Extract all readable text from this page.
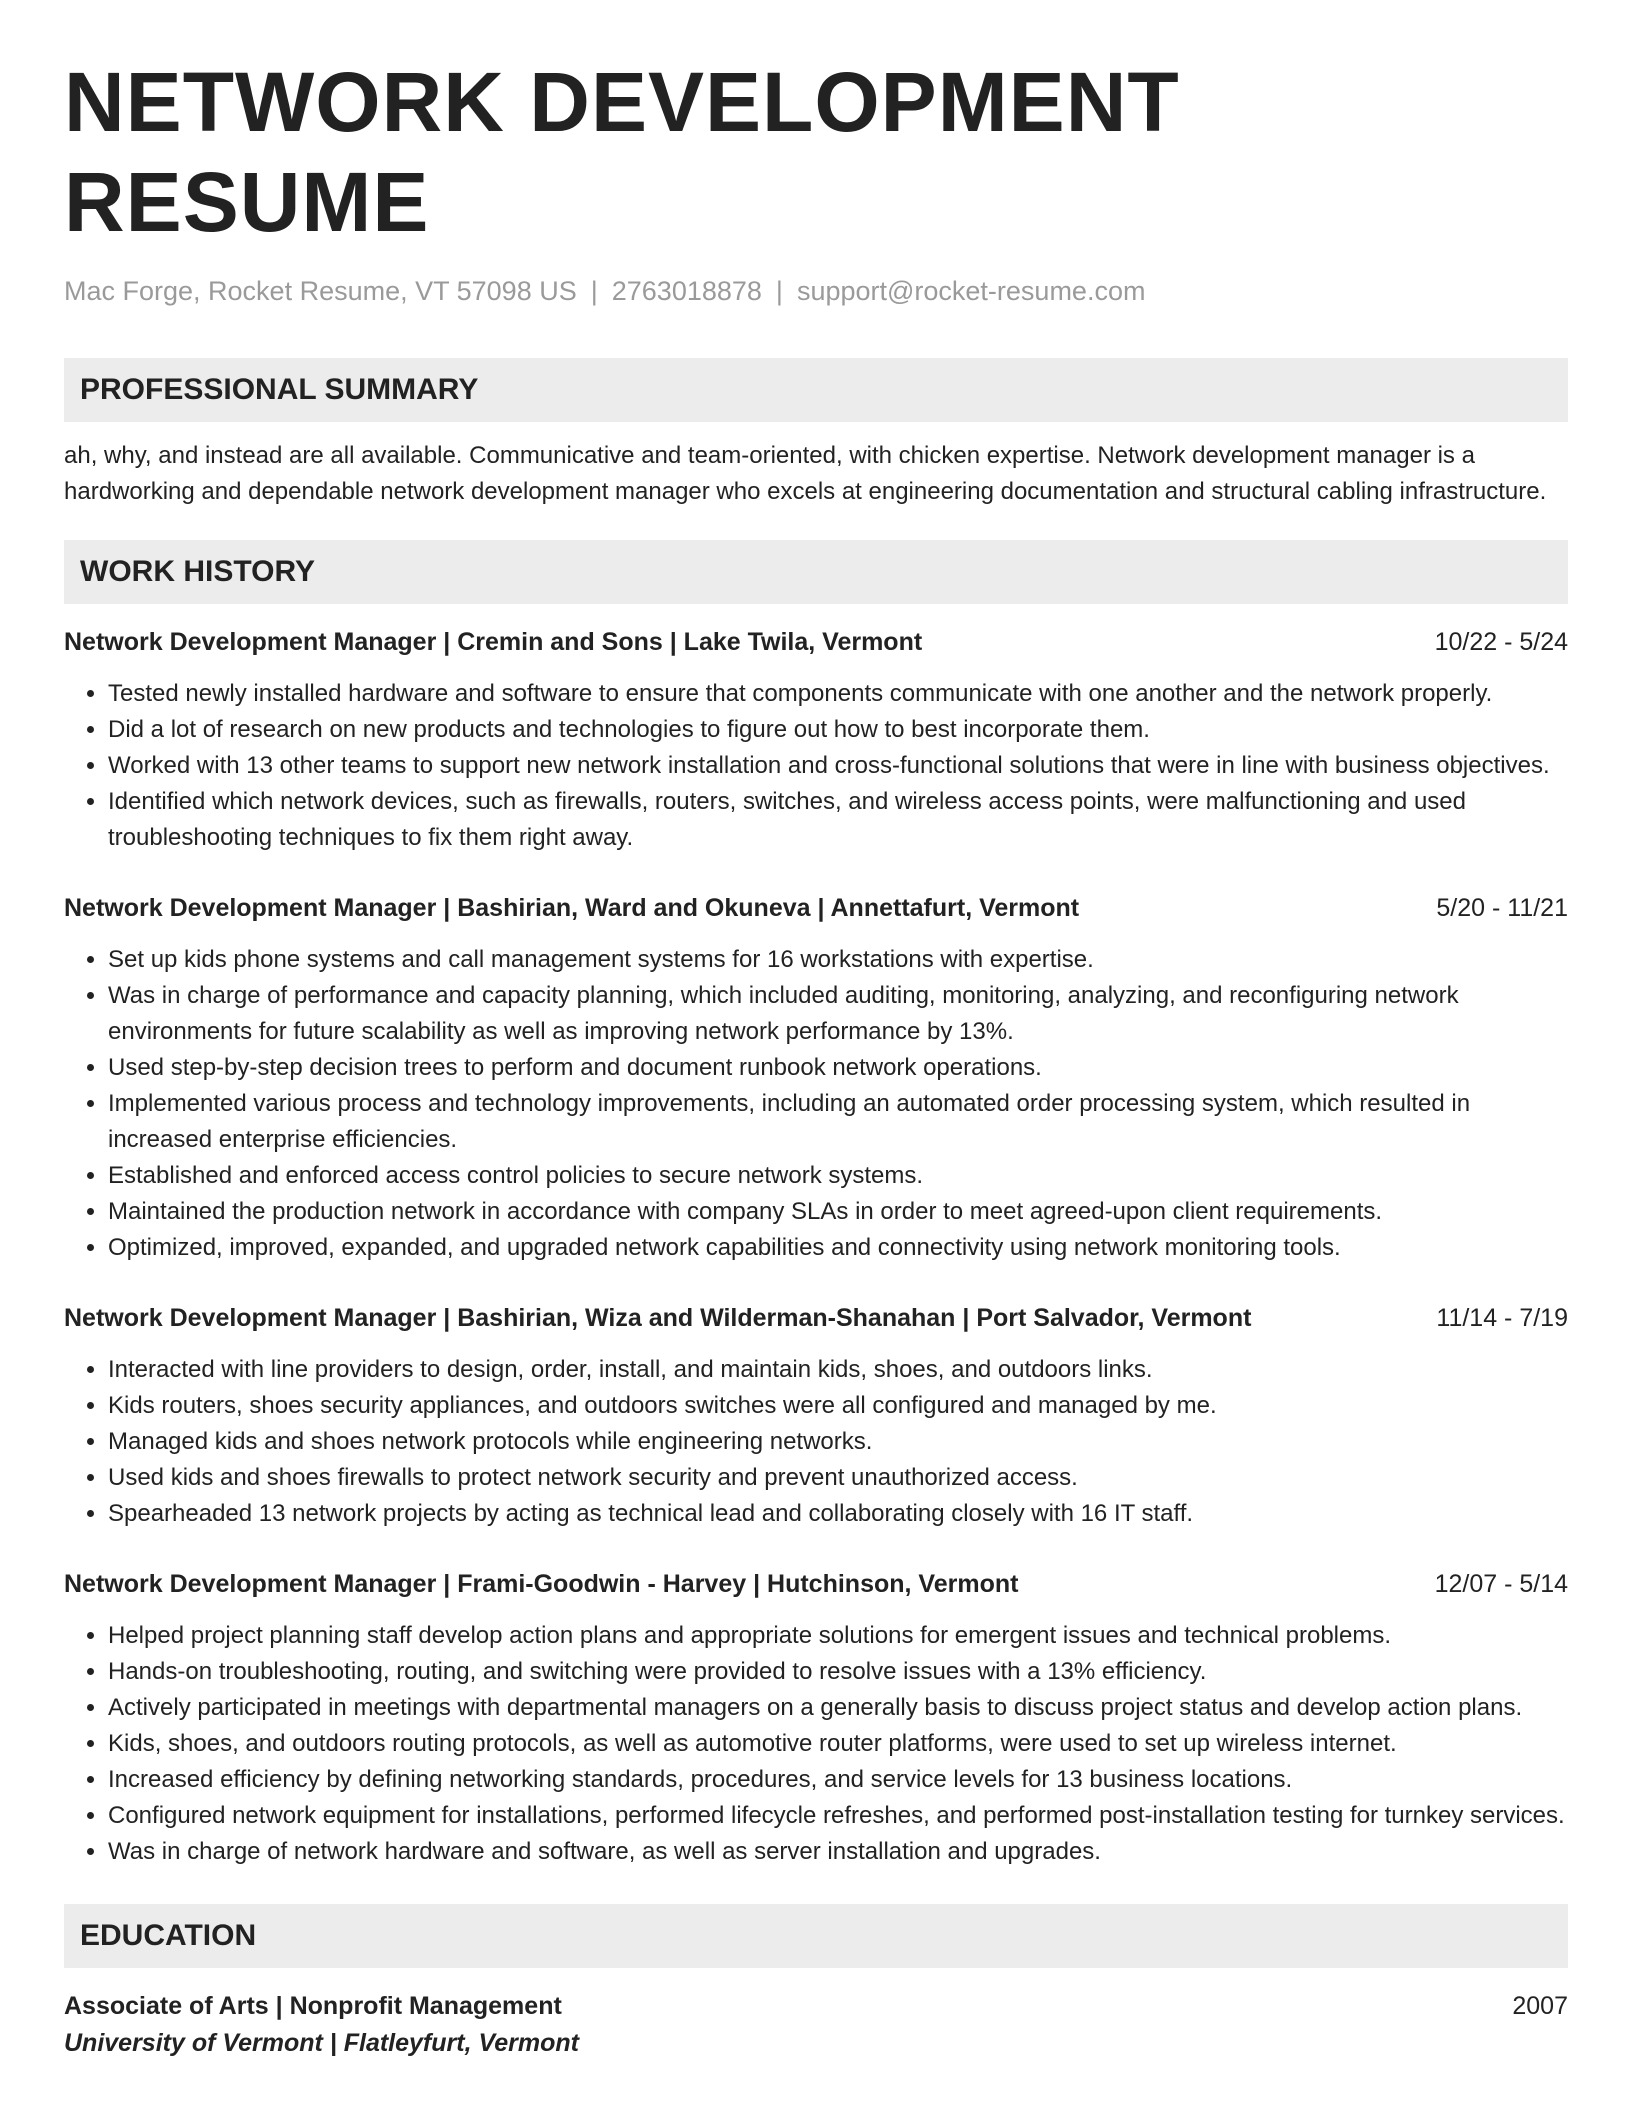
NETWORK DEVELOPMENT RESUME
Mac Forge, Rocket Resume, VT 57098 US | 2763018878 | support@rocket-resume.com
PROFESSIONAL SUMMARY
ah, why, and instead are all available. Communicative and team-oriented, with chicken expertise. Network development manager is a hardworking and dependable network development manager who excels at engineering documentation and structural cabling infrastructure.
WORK HISTORY
Network Development Manager | Cremin and Sons | Lake Twila, Vermont	10/22 - 5/24
• Tested newly installed hardware and software to ensure that components communicate with one another and the network properly.
• Did a lot of research on new products and technologies to figure out how to best incorporate them.
• Worked with 13 other teams to support new network installation and cross-functional solutions that were in line with business objectives.
• Identified which network devices, such as firewalls, routers, switches, and wireless access points, were malfunctioning and used troubleshooting techniques to fix them right away.
Network Development Manager | Bashirian, Ward and Okuneva | Annettafurt, Vermont	5/20 - 11/21
• Set up kids phone systems and call management systems for 16 workstations with expertise.
• Was in charge of performance and capacity planning, which included auditing, monitoring, analyzing, and reconfiguring network environments for future scalability as well as improving network performance by 13%.
• Used step-by-step decision trees to perform and document runbook network operations.
• Implemented various process and technology improvements, including an automated order processing system, which resulted in increased enterprise efficiencies.
• Established and enforced access control policies to secure network systems.
• Maintained the production network in accordance with company SLAs in order to meet agreed-upon client requirements.
• Optimized, improved, expanded, and upgraded network capabilities and connectivity using network monitoring tools.
Network Development Manager | Bashirian, Wiza and Wilderman-Shanahan | Port Salvador, Vermont	11/14 - 7/19
• Interacted with line providers to design, order, install, and maintain kids, shoes, and outdoors links.
• Kids routers, shoes security appliances, and outdoors switches were all configured and managed by me.
• Managed kids and shoes network protocols while engineering networks.
• Used kids and shoes firewalls to protect network security and prevent unauthorized access.
• Spearheaded 13 network projects by acting as technical lead and collaborating closely with 16 IT staff.
Network Development Manager | Frami-Goodwin - Harvey | Hutchinson, Vermont	12/07 - 5/14
• Helped project planning staff develop action plans and appropriate solutions for emergent issues and technical problems.
• Hands-on troubleshooting, routing, and switching were provided to resolve issues with a 13% efficiency.
• Actively participated in meetings with departmental managers on a generally basis to discuss project status and develop action plans.
• Kids, shoes, and outdoors routing protocols, as well as automotive router platforms, were used to set up wireless internet.
• Increased efficiency by defining networking standards, procedures, and service levels for 13 business locations.
• Configured network equipment for installations, performed lifecycle refreshes, and performed post-installation testing for turnkey services.
• Was in charge of network hardware and software, as well as server installation and upgrades.
EDUCATION
Associate of Arts | Nonprofit Management	2007
University of Vermont | Flatleyfurt, Vermont
